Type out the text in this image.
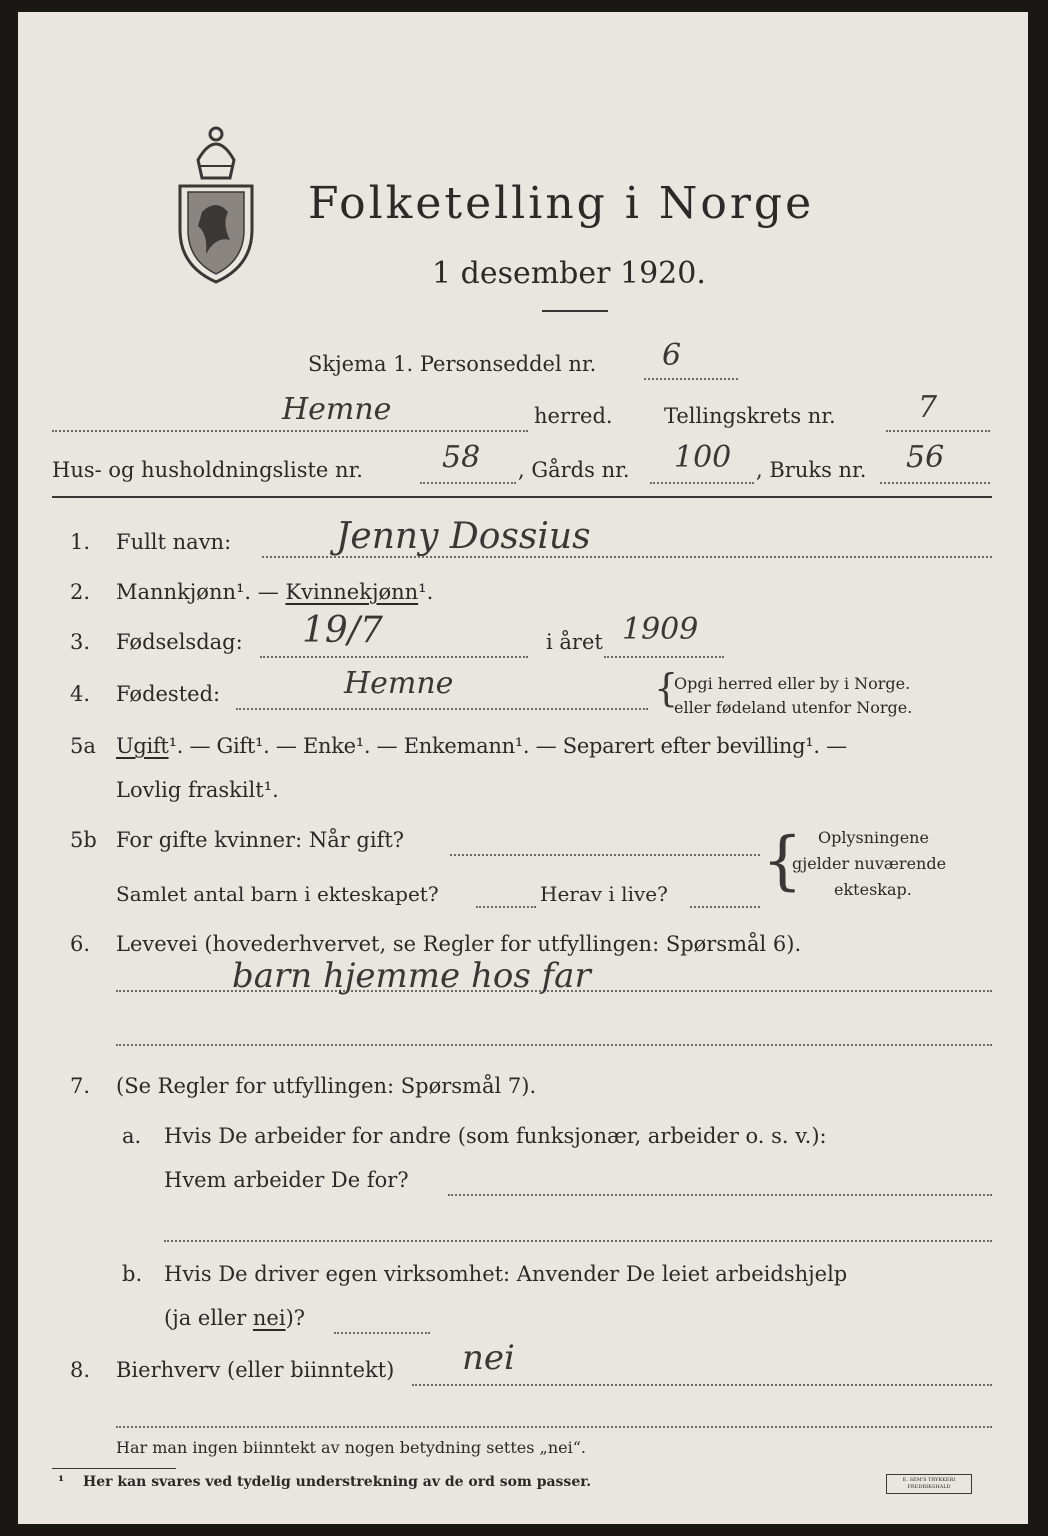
Folketelling i Norge
1 desember 1920.
Skjema 1. Personseddel nr. 6
Hemne	herred. Tellingskrets nr.	7
Hus- og husholdningsliste nr.	58 , Gårds nr. 100 , Bruks nr. 56
1. Fullt navn:	Jenny Dossius
2. Mannkjønn¹. — Kvinnekjønn¹.
3. Fødselsdag: 19/7	i året 1909
4. Fødested:	Hemne	{
Opgi herred eller by i Norge.
eller fødeland utenfor Norge.
5a Ugift¹. — Gift¹. — Enke¹. — Enkemann¹. — Separert efter bevilling¹. —
Lovlig fraskilt¹.
5b For gifte kvinner: Når gift?
Samlet antal barn i ekteskapet?	Herav i live? { Oplysningene
gjelder nuværende
ekteskap.
6. Levevei (hovederhvervet, se Regler for utfyllingen: Spørsmål 6).
barn hjemme hos far
7. (Se Regler for utfyllingen: Spørsmål 7).
a. Hvis De arbeider for andre (som funksjonær, arbeider o. s. v.):
Hvem arbeider De for?
b. Hvis De driver egen virksomhet: Anvender De leiet arbeidshjelp
(ja eller nei)?
8. Bierhverv (eller biinntekt) nei
Har man ingen biinntekt av nogen betydning settes „nei“.
¹ Her kan svares ved tydelig understrekning av de ord som passer.	E. SEM'S TRYKKERI FREDRIKSHALD
